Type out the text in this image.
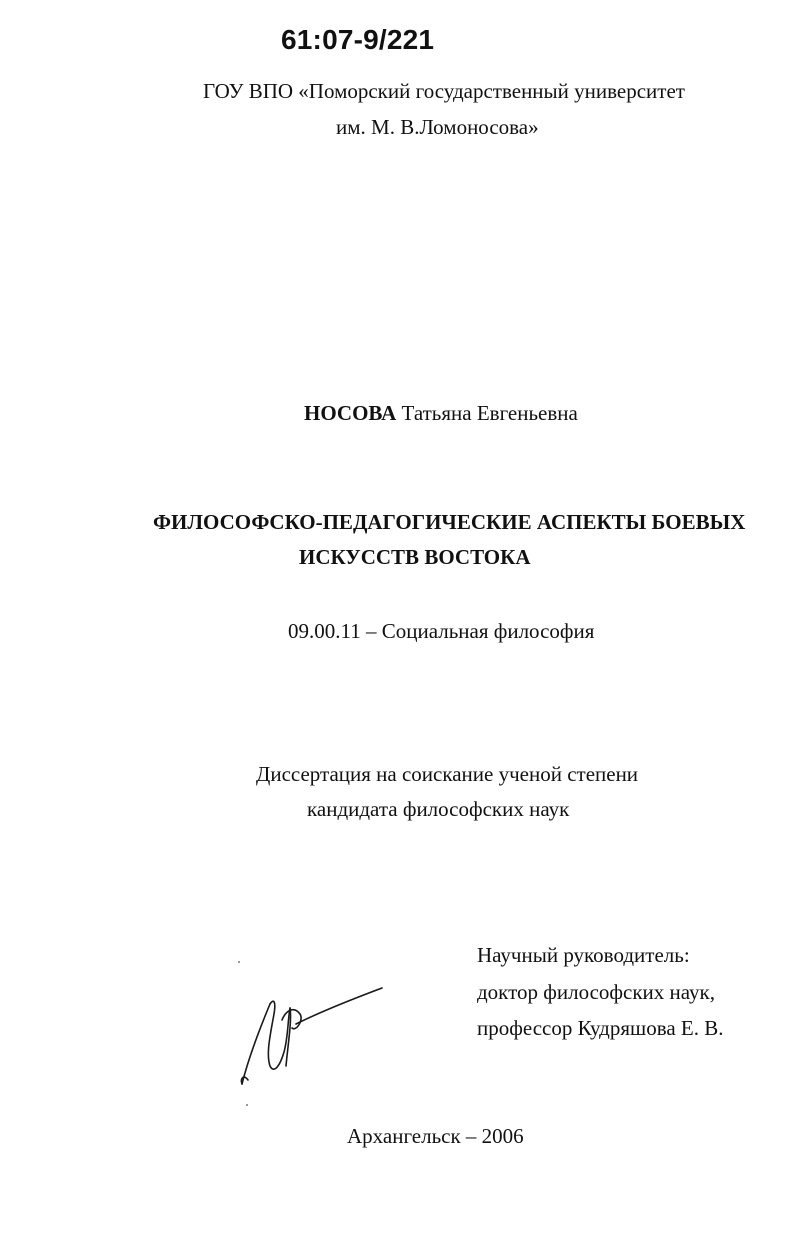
61:07-9/221
ГОУ ВПО «Поморский государственный университет
им. М. В.Ломоносова»
НОСОВА Татьяна Евгеньевна
ФИЛОСОФСКО-ПЕДАГОГИЧЕСКИЕ АСПЕКТЫ БОЕВЫХ
ИСКУССТВ ВОСТОКА
09.00.11 – Социальная философия
Диссертация на соискание ученой степени
кандидата философских наук
Научный руководитель:
доктор философских наук,
профессор Кудряшова Е. В.
Архангельск – 2006
